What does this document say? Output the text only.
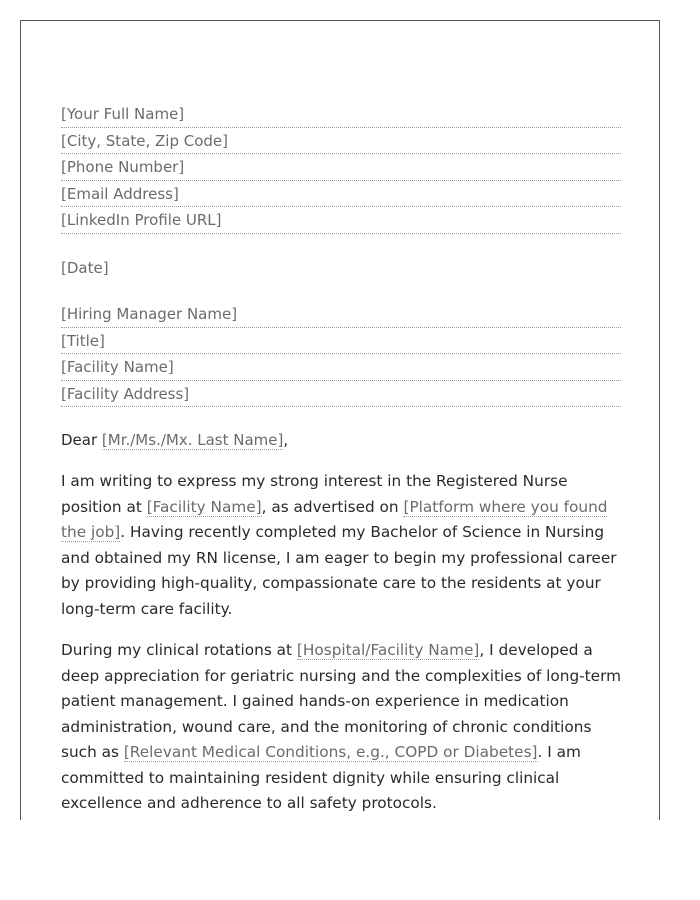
[Your Full Name]
[City, State, Zip Code]
[Phone Number]
[Email Address]
[LinkedIn Profile URL]
[Date]
[Hiring Manager Name]
[Title]
[Facility Name]
[Facility Address]
Dear [Mr./Ms./Mx. Last Name],

I am writing to express my strong interest in the Registered Nurse position at [Facility Name], as advertised on [Platform where you found the job]. Having recently completed my Bachelor of Science in Nursing and obtained my RN license, I am eager to begin my professional career by providing high-quality, compassionate care to the residents at your long-term care facility.

During my clinical rotations at [Hospital/Facility Name], I developed a deep appreciation for geriatric nursing and the complexities of long-term patient management. I gained hands-on experience in medication administration, wound care, and the monitoring of chronic conditions such as [Relevant Medical Conditions, e.g., COPD or Diabetes]. I am committed to maintaining resident dignity while ensuring clinical excellence and adherence to all safety protocols.
